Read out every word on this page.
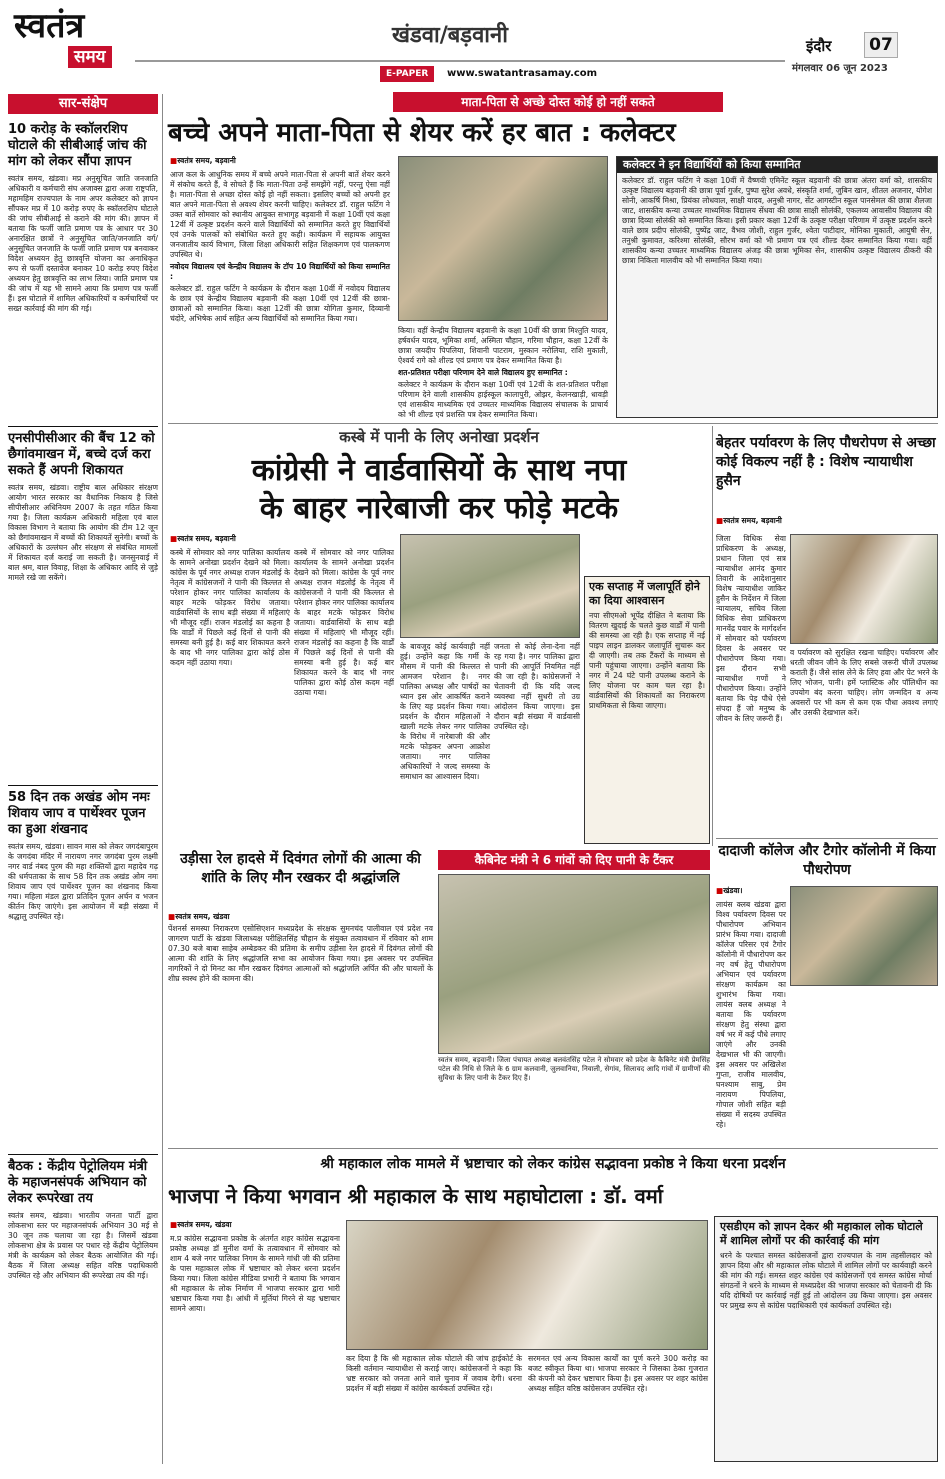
स्वतंत्र
समय
खंडवा/बड़वानी
E-PAPER	www.swatantrasamay.com
इंदौर	07
मंगलवार 06 जून 2023
सार-संक्षेप
10 करोड़ के स्कॉलरशिप घोटाले की सीबीआई जांच की मांग को लेकर सौंपा ज्ञापन
स्वतंत्र समय, खंडवा। मप्र अनुसूचित जाति जनजाति अधिकारी व कर्मचारी संघ अजाक्स द्वारा अजा राष्ट्रपति, महामहिम राज्यपाल के नाम अपर कलेक्टर को ज्ञापन सौंपकर मप्र में 10 करोड़ रुपए के स्कॉलरशिप घोटाले की जांच सीबीआई से कराने की मांग की। ज्ञापन में बताया कि फर्जी जाति प्रमाण पत्र के आधार पर 30 अनारक्षित छात्रों ने अनुसूचित जाति/जनजाति वर्ग/अनुसूचित जनजाति के फर्जी जाति प्रमाण पत्र बनवाकर विदेश अध्ययन हेतु छात्रवृत्ति योजना का अनाधिकृत रूप से फर्जी दस्तावेज बनाकर 10 करोड़ रुपए विदेश अध्ययन हेतु छात्रवृत्ति का लाभ लिया। जाति प्रमाण पत्र की जांच में यह भी सामने आया कि प्रमाण पत्र फर्जी हैं। इस घोटाले में शामिल अधिकारियों व कर्मचारियों पर सख्त कार्रवाई की मांग की गई।
एनसीपीसीआर की बैंच 12 को छैगांवमाखन में, बच्चे दर्ज करा सकते हैं अपनी शिकायत
स्वतंत्र समय, खंडवा। राष्ट्रीय बाल अधिकार संरक्षण आयोग भारत सरकार का वैधानिक निकाय है जिसे सीपीसीआर अधिनियम 2007 के तहत गठित किया गया है। जिला कार्यक्रम अधिकारी महिला एवं बाल विकास विभाग ने बताया कि आयोग की टीम 12 जून को छैगांवमाखन में बच्चों की शिकायतें सुनेगी। बच्चों के अधिकारों के उल्लंघन और संरक्षण से संबंधित मामलों में शिकायत दर्ज कराई जा सकती है। जनसुनवाई में बाल श्रम, बाल विवाह, शिक्षा के अधिकार आदि से जुड़े मामले रखे जा सकेंगे।
58 दिन तक अखंड ओम नमः शिवाय जाप व पार्थेश्वर पूजन का हुआ शंखनाद
स्वतंत्र समय, खंडवा। सावन मास को लेकर जगदंबापुरम के जगदंबा मंदिर में नारायण नगर जगदंबा पुरम लक्ष्मी नगर वार्ड नंबद पुरम की महा शक्तियों द्वारा महादेव गढ़ की धर्मपताका के साथ 58 दिन तक अखंड ओम नमः शिवाय जाप एवं पार्थेश्वर पूजन का शंखनाद किया गया। महिला मंडल द्वारा प्रतिदिन पूजन अर्चन व भजन कीर्तन किए जाएंगे। इस आयोजन में बड़ी संख्या में श्रद्धालु उपस्थित रहे।
बैठक : केंद्रीय पेट्रोलियम मंत्री के महाजनसंपर्क अभियान को लेकर रूपरेखा तय
स्वतंत्र समय, खंडवा। भारतीय जनता पार्टी द्वारा लोकसभा स्तर पर महाजनसंपर्क अभियान 30 मई से 30 जून तक चलाया जा रहा है। जिसमें खंडवा लोकसभा क्षेत्र के प्रवास पर पधार रहे केंद्रीय पेट्रोलियम मंत्री के कार्यक्रम को लेकर बैठक आयोजित की गई। बैठक में जिला अध्यक्ष सहित वरिष्ठ पदाधिकारी उपस्थित रहे और अभियान की रूपरेखा तय की गई।
माता-पिता से अच्छे दोस्त कोई हो नहीं सकते
बच्चे अपने माता-पिता से शेयर करें हर बात : कलेक्टर
■ स्वतंत्र समय, बड़वानी

आज कल के आधुनिक समय में बच्चे अपने माता-पिता से अपनी बातें शेयर करने में संकोच करते हैं, वे सोचते हैं कि माता-पिता उन्हें समझेंगे नहीं, परन्तु ऐसा नहीं है। माता-पिता से अच्छा दोस्त कोई हो नहीं सकता। इसलिए बच्चों को अपनी हर बात अपने माता-पिता से अवश्य शेयर करनी चाहिए। कलेक्टर डॉ. राहुल फटिंग ने उक्त बातें सोमवार को स्थानीय आयुक्त सभागृह बड़वानी में कक्षा 10वीं एवं कक्षा 12वीं में उत्कृष्ट प्रदर्शन करने वाले विद्यार्थियों को सम्मानित करते हुए विद्यार्थियों एवं उनके पालकों को संबोधित करते हुए कही। कार्यक्रम में सहायक आयुक्त जनजातीय कार्य विभाग, जिला शिक्षा अधिकारी सहित शिक्षकगण एवं पालकगण उपस्थित थे।

नवोदय विद्यालय एवं केन्द्रीय विद्यालय के टॉप 10 विद्यार्थियों को किया सम्मानित :

कलेक्टर डॉ. राहुल फटिंग ने कार्यक्रम के दौरान कक्षा 10वीं में नवोदय विद्यालय के छात्र एवं केन्द्रीय विद्यालय बड़वानी की कक्षा 10वीं एवं 12वीं की छात्रा-छात्राओं को सम्मानित किया। कक्षा 12वीं की छात्रा योगिता कुमार, दिव्यानी चंदोरे, अभिषेक आर्य सहित अन्य विद्यार्थियों को सम्मानित किया गया।

किया। वहीं केन्द्रीय विद्यालय बड़वानी के कक्षा 10वीं की छात्रा मिश्तुति यादव, हर्षवर्धन यादव, भूमिका शर्मा, अस्मिता चौहान, गरिमा चौहान, कक्षा 12वीं के छात्रा जयदीप पिपलिया, शिवानी पाटराम, मुस्कान नरोलिया, राशि मुकाती, ऐश्वर्य रागे को शील्ड एवं प्रमाण पत्र देकर सम्मानित किया है।

शत-प्रतिशत परीक्षा परिणाम देने वाले विद्यालय हुए सम्मानित :

कलेक्टर ने कार्यक्रम के दौरान कक्षा 10वीं एवं 12वीं के शत-प्रतिशत परीक्षा परिणाम देने वाली शासकीय हाईस्कूल कालापुरी, ओझर, केलनखाड़ी, धावड़ी एवं शासकीय माध्यमिक एवं उच्चतर माध्यमिक विद्यालय संचालक के प्राचार्य को भी शील्ड एवं प्रशस्ति पत्र देकर सम्मानित किया।

कलेक्टर ने इन विद्यार्थियों को किया सम्मानित
कलेक्टर डॉ. राहुल फटिंग ने कक्षा 10वीं में वैष्णवी एमिनेंट स्कूल बड़वानी की छात्रा अंतरा वर्मा को, शासकीय उत्कृष्ट विद्यालय बड़वानी की छात्रा पूर्वा गुर्जर, पुष्पा सुरेश अवधे, संस्कृति शर्मा, जुबिन खान, शीतल अजनार, योगेश सोनी, आकर्षि मिश्रा, प्रियंका लोधवाल, साक्षी यादव, अनुश्री नागर, सेंट आगस्टीन स्कूल पानसेमल की छात्रा शैलजा जाट, शासकीय कन्या उच्चतर माध्यमिक विद्यालय सेंधवा की छात्रा साक्षी सोलंकी, एकलव्य आवासीय विद्यालय की छात्रा दिव्या सोलंकी को सम्मानित किया। इसी प्रकार कक्षा 12वीं के उत्कृष्ट परीक्षा परिणाम में उत्कृष्ट प्रदर्शन करने वाले छात्र प्रदीप सोलंकी, पुष्पेंद्र जाट, वैभव जोशी, राहुल गुर्जर, श्वेता पाटीदार, मोनिका मुकाती, आयुषी सेन, तनुश्री कुमावत, करिश्मा सोलंकी, सौरभ वर्मा को भी प्रमाण पत्र एवं शील्ड देकर सम्मानित किया गया। वहीं शासकीय कन्या उच्चतर माध्यमिक विद्यालय अंजड़ की छात्रा भूमिका सेन, शासकीय उत्कृष्ट विद्यालय ठीकरी की छात्रा निकिता मालवीय को भी सम्मानित किया गया।
कस्बे में पानी के लिए अनोखा प्रदर्शन
कांग्रेसी ने वार्डवासियों के साथ नपा
के बाहर नारेबाजी कर फोड़े मटके
■ स्वतंत्र समय, बड़वानी
कस्बे में सोमवार को नगर पालिका कार्यालय के सामने अनोखा प्रदर्शन देखने को मिला। कांग्रेस के पूर्व नगर अध्यक्ष राजन मंडलोई के नेतृत्व में कांग्रेसजनों ने पानी की किल्लत से परेशान होकर नगर पालिका कार्यालय के बाहर मटके फोड़कर विरोध जताया। वार्डवासियों के साथ बड़ी संख्या में महिलाएं भी मौजूद रहीं। राजन मंडलोई का कहना है कि वार्डों में पिछले कई दिनों से पानी की समस्या बनी हुई है। कई बार शिकायत करने के बाद भी नगर पालिका द्वारा कोई ठोस कदम नहीं उठाया गया।
कस्बे में सोमवार को नगर पालिका कार्यालय के सामने अनोखा प्रदर्शन देखने को मिला। कांग्रेस के पूर्व नगर अध्यक्ष राजन मंडलोई के नेतृत्व में कांग्रेसजनों ने पानी की किल्लत से परेशान होकर नगर पालिका कार्यालय के बाहर मटके फोड़कर विरोध जताया। वार्डवासियों के साथ बड़ी संख्या में महिलाएं भी मौजूद रहीं। राजन मंडलोई का कहना है कि वार्डों में पिछले कई दिनों से पानी की समस्या बनी हुई है। कई बार शिकायत करने के बाद भी नगर पालिका द्वारा कोई ठोस कदम नहीं उठाया गया।
के बावजूद कोई कार्यवाही नहीं हुई। उन्होंने कहा कि गर्मी के मौसम में पानी की किल्लत से आमजन परेशान है। नगर पालिका अध्यक्ष और पार्षदों का ध्यान इस ओर आकर्षित कराने के लिए यह प्रदर्शन किया गया। प्रदर्शन के दौरान महिलाओं ने खाली मटके लेकर नगर पालिका के विरोध में नारेबाजी की और मटके फोड़कर अपना आक्रोश जताया। नगर पालिका अधिकारियों ने जल्द समस्या के समाधान का आश्वासन दिया।
जनता से कोई लेना-देना नहीं रह गया है। नगर पालिका द्वारा पानी की आपूर्ति नियमित नहीं की जा रही है। कांग्रेसजनों ने चेतावनी दी कि यदि जल्द व्यवस्था नहीं सुधरी तो उग्र आंदोलन किया जाएगा। इस दौरान बड़ी संख्या में वार्डवासी उपस्थित रहे।
एक सप्ताह में जलापूर्ति होने का दिया आश्वासन
नपा सीएमओ भूपेंद्र दीक्षित ने बताया कि वितरण खुदाई के चलते कुछ वार्डों में पानी की समस्या आ रही है। एक सप्ताह में नई पाइप लाइन डालकर जलापूर्ति सुचारू कर दी जाएगी। तब तक टैंकरों के माध्यम से पानी पहुंचाया जाएगा। उन्होंने बताया कि नगर में 24 घंटे पानी उपलब्ध कराने के लिए योजना पर काम चल रहा है। वार्डवासियों की शिकायतों का निराकरण प्राथमिकता से किया जाएगा।
बेहतर पर्यावरण के लिए पौधरोपण से अच्छा कोई विकल्प नहीं है : विशेष न्यायाधीश हुसैन
■ स्वतंत्र समय, बड़वानी
जिला विधिक सेवा प्राधिकरण के अध्यक्ष, प्रधान जिला एवं सत्र न्यायाधीश आनंद कुमार तिवारी के आदेशानुसार विशेष न्यायाधीश जाकिर हुसैन के निर्देशन में जिला न्यायालय, सचिव जिला विधिक सेवा प्राधिकरण मानवेंद्र पवार के मार्गदर्शन में सोमवार को पर्यावरण दिवस के अवसर पर पौधारोपण किया गया। इस दौरान सभी न्यायाधीश गणों ने पौधारोपण किया। उन्होंने बताया कि पेड़ पौधे ऐसे संपदा हैं जो मनुष्य के जीवन के लिए जरूरी हैं।
व पर्यावरण को सुरक्षित रखना चाहिए। पर्यावरण और धरती जीवन जीने के लिए सबसे जरूरी चीजें उपलब्ध कराती हैं। जैसे सांस लेने के लिए हवा और पेट भरने के लिए भोजन, पानी। हमें प्लास्टिक और पॉलिथीन का उपयोग बंद करना चाहिए। लोग जन्मदिन व अन्य अवसरों पर भी कम से कम एक पौधा अवश्य लगाएं और उसकी देखभाल करें।
उड़ीसा रेल हादसे में दिवंगत लोगों की आत्मा की शांति के लिए मौन रखकर दी श्रद्धांजलि
■ स्वतंत्र समय, खंडवा
पेंशनर्स समस्या निराकरण एसोसिएशन मध्यप्रदेश के संरक्षक सुमनचंद पालीवाल एवं प्रदेश नव जागरण पार्टी के खंडवा जिलाध्यक्ष परीक्षितसिंह चौहान के संयुक्त तत्वावधान में रविवार को शाम 07.30 बजे बाबा साहेब अम्बेडकर की प्रतिमा के समीप उड़ीसा रेल हादसे में दिवंगत लोगों की आत्मा की शांति के लिए श्रद्धांजलि सभा का आयोजन किया गया। इस अवसर पर उपस्थित नागरिकों ने दो मिनट का मौन रखकर दिवंगत आत्माओं को श्रद्धांजलि अर्पित की और घायलों के शीघ्र स्वस्थ होने की कामना की।
कैबिनेट मंत्री ने 6 गांवों को दिए पानी के टैंकर
स्वतंत्र समय, बड़वानी। जिला पंचायत अध्यक्ष बलवंतसिंह पटेल ने सोमवार को प्रदेश के कैबिनेट मंत्री प्रेमसिंह पटेल की निधि से जिले के 6 ग्राम कलवानी, जुलवानिया, निवाली, सेगांव, सिलावद आदि गांवों में ग्रामीणों की सुविधा के लिए पानी के टैंकर दिए हैं।
दादाजी कॉलेज और टैगोर कॉलोनी में किया पौधरोपण
■ खंडवा।
लायंस क्लब खंडवा द्वारा विश्व पर्यावरण दिवस पर पौधारोपण अभियान प्रारंभ किया गया। दादाजी कॉलेज परिसर एवं टैगोर कॉलोनी में पौधारोपण कर नए वर्ष हेतु पौधारोपण अभियान एवं पर्यावरण संरक्षण कार्यक्रम का शुभारंभ किया गया। लायंस क्लब अध्यक्ष ने बताया कि पर्यावरण संरक्षण हेतु संस्था द्वारा वर्ष भर में कई पौधे लगाए जाएंगे और उनकी देखभाल भी की जाएगी। इस अवसर पर अखिलेश गुप्ता, राजीव मालवीय, घनश्याम साबु, प्रेम नारायण पिपलिया, गोपाल जोशी सहित बड़ी संख्या में सदस्य उपस्थित रहे।
श्री महाकाल लोक मामले में भ्रष्टाचार को लेकर कांग्रेस सद्भावना प्रकोष्ठ ने किया धरना प्रदर्शन
भाजपा ने किया भगवान श्री महाकाल के साथ महाघोटाला : डॉ. वर्मा
■ स्वतंत्र समय, खंडवा
म.प्र कांग्रेस सद्भावना प्रकोष्ठ के अंतर्गत शहर कांग्रेस सद्भावना प्रकोष्ठ अध्यक्ष डॉ मुनीश वर्मा के तत्वावधान में सोमवार को शाम 4 बजे नगर पालिका निगम के सामने गांधी जी की प्रतिमा के पास महाकाल लोक में भ्रष्टाचार को लेकर धरना प्रदर्शन किया गया। जिला कांग्रेस मीडिया प्रभारी ने बताया कि भगवान श्री महाकाल के लोक निर्माण में भाजपा सरकार द्वारा भारी भ्रष्टाचार किया गया है। आंधी में मूर्तियां गिरने से यह भ्रष्टाचार सामने आया।
कर दिया है कि श्री महाकाल लोक घोटाले की जांच हाईकोर्ट के किसी वर्तमान न्यायाधीश से कराई जाए। कांग्रेसजनों ने कहा कि भ्रष्ट सरकार को जनता आने वाले चुनाव में जवाब देगी। धरना प्रदर्शन में बड़ी संख्या में कांग्रेस कार्यकर्ता उपस्थित रहे।
सरमनत एवं अन्य विकास कार्यों का पूर्ण करने 300 करोड़ का बजट स्वीकृत किया था। भाजपा सरकार ने जिसका ठेका गुजरात की कंपनी को देकर भ्रष्टाचार किया है। इस अवसर पर शहर कांग्रेस अध्यक्ष सहित वरिष्ठ कांग्रेसजन उपस्थित रहे।
एसडीएम को ज्ञापन देकर श्री महाकाल लोक घोटाले में शामिल लोगों पर की कार्रवाई की मांग
धरने के पश्चात समस्त कांग्रेसजनों द्वारा राज्यपाल के नाम तहसीलदार को ज्ञापन दिया और श्री महाकाल लोक घोटाले में शामिल लोगों पर कार्यवाही करने की मांग की गई। समस्त शहर कांग्रेस एवं कांग्रेसजनों एवं समस्त कांग्रेस मोर्चा संगठनों ने धरने के माध्यम से मध्यप्रदेश की भाजपा सरकार को चेतावनी दी कि यदि दोषियों पर कार्रवाई नहीं हुई तो आंदोलन उग्र किया जाएगा। इस अवसर पर प्रमुख रूप से कांग्रेस पदाधिकारी एवं कार्यकर्ता उपस्थित रहे।
